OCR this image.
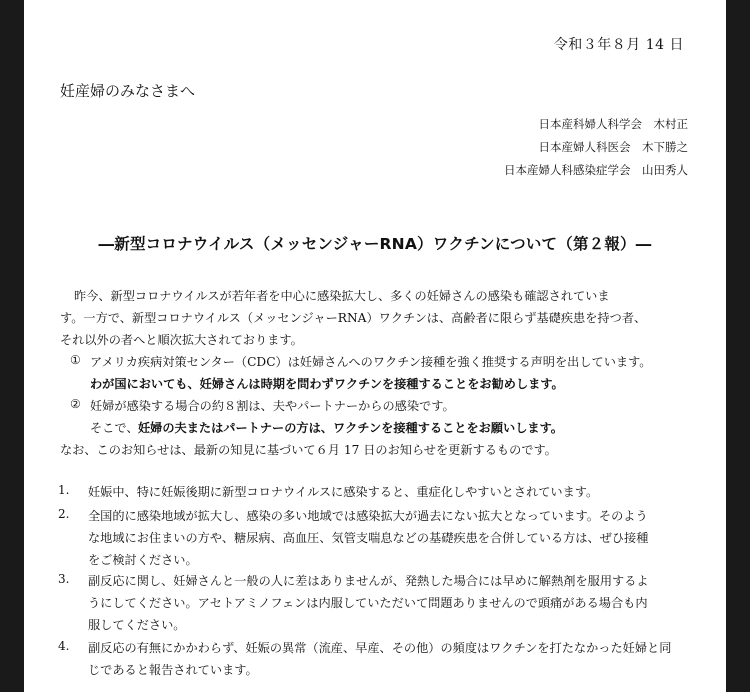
令和３年８月 14 日
妊産婦のみなさまへ
日本産科婦人科学会　木村正
日本産婦人科医会　木下勝之
日本産婦人科感染症学会　山田秀人
―新型コロナウイルス（メッセンジャーRNA）ワクチンについて（第２報）―
昨今、新型コロナウイルスが若年者を中心に感染拡大し、多くの妊婦さんの感染も確認されていま
す。一方で、新型コロナウイルス（メッセンジャーRNA）ワクチンは、高齢者に限らず基礎疾患を持つ者、
それ以外の者へと順次拡大されております。
① アメリカ疾病対策センター（CDC）は妊婦さんへのワクチン接種を強く推奨する声明を出しています。
わが国においても、妊婦さんは時期を問わずワクチンを接種することをお勧めします。
② 妊婦が感染する場合の約８割は、夫やパートナーからの感染です。
そこで、 妊婦の夫またはパートナーの方は、ワクチンを接種することをお願いします。
なお、このお知らせは、最新の知見に基づいて６月 17 日のお知らせを更新するものです。
1. 妊娠中、特に妊娠後期に新型コロナウイルスに感染すると、重症化しやすいとされています。
2. 全国的に感染地域が拡大し、感染の多い地域では感染拡大が過去にない拡大となっています。そのよう
な地域にお住まいの方や、糖尿病、高血圧、気管支喘息などの基礎疾患を合併している方は、ぜひ接種
をご検討ください。
3. 副反応に関し、妊婦さんと一般の人に差はありませんが、発熱した場合には早めに解熱剤を服用するよ
うにしてください。アセトアミノフェンは内服していただいて問題ありませんので頭痛がある場合も内
服してください。
4. 副反応の有無にかかわらず、妊娠の異常（流産、早産、その他）の頻度はワクチンを打たなかった妊婦と同
じであると報告されています。
